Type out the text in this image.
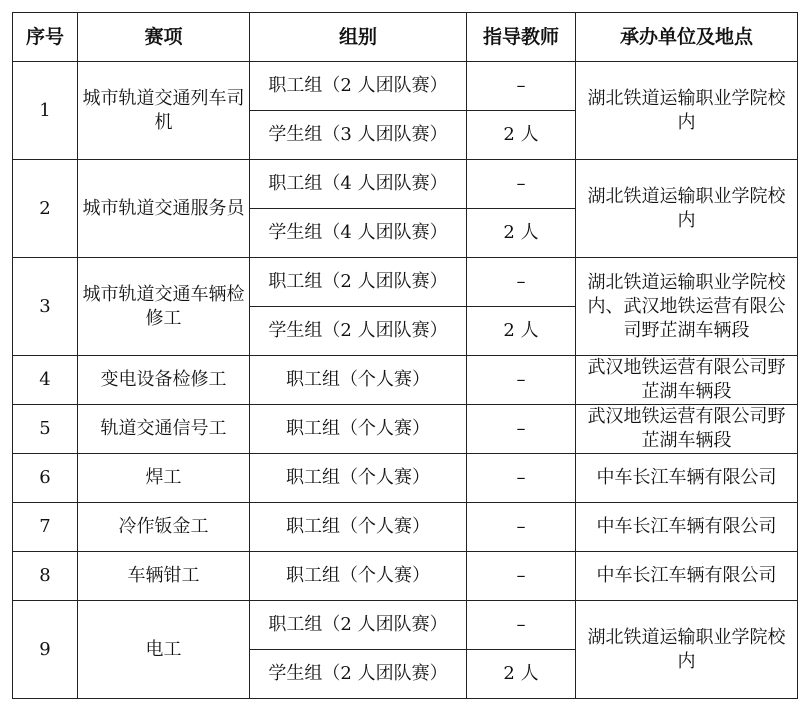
序号	赛项	组别	指导教师	承办单位及地点
1	城市轨道交通列车司机	职工组（2 人团队赛）	–	湖北铁道运输职业学院校内
		学生组（3 人团队赛）	2 人	
2	城市轨道交通服务员	职工组（4 人团队赛）	–	湖北铁道运输职业学院校内
		学生组（4 人团队赛）	2 人	
3	城市轨道交通车辆检修工	职工组（2 人团队赛）	–	湖北铁道运输职业学院校内、武汉地铁运营有限公司野芷湖车辆段
		学生组（2 人团队赛）	2 人	
4	变电设备检修工	职工组（个人赛）	–	武汉地铁运营有限公司野芷湖车辆段
5	轨道交通信号工	职工组（个人赛）	–	武汉地铁运营有限公司野芷湖车辆段
6	焊工	职工组（个人赛）	–	中车长江车辆有限公司
7	冷作钣金工	职工组（个人赛）	–	中车长江车辆有限公司
8	车辆钳工	职工组（个人赛）	–	中车长江车辆有限公司
9	电工	职工组（2 人团队赛）	–	湖北铁道运输职业学院校内
		学生组（2 人团队赛）	2 人	
